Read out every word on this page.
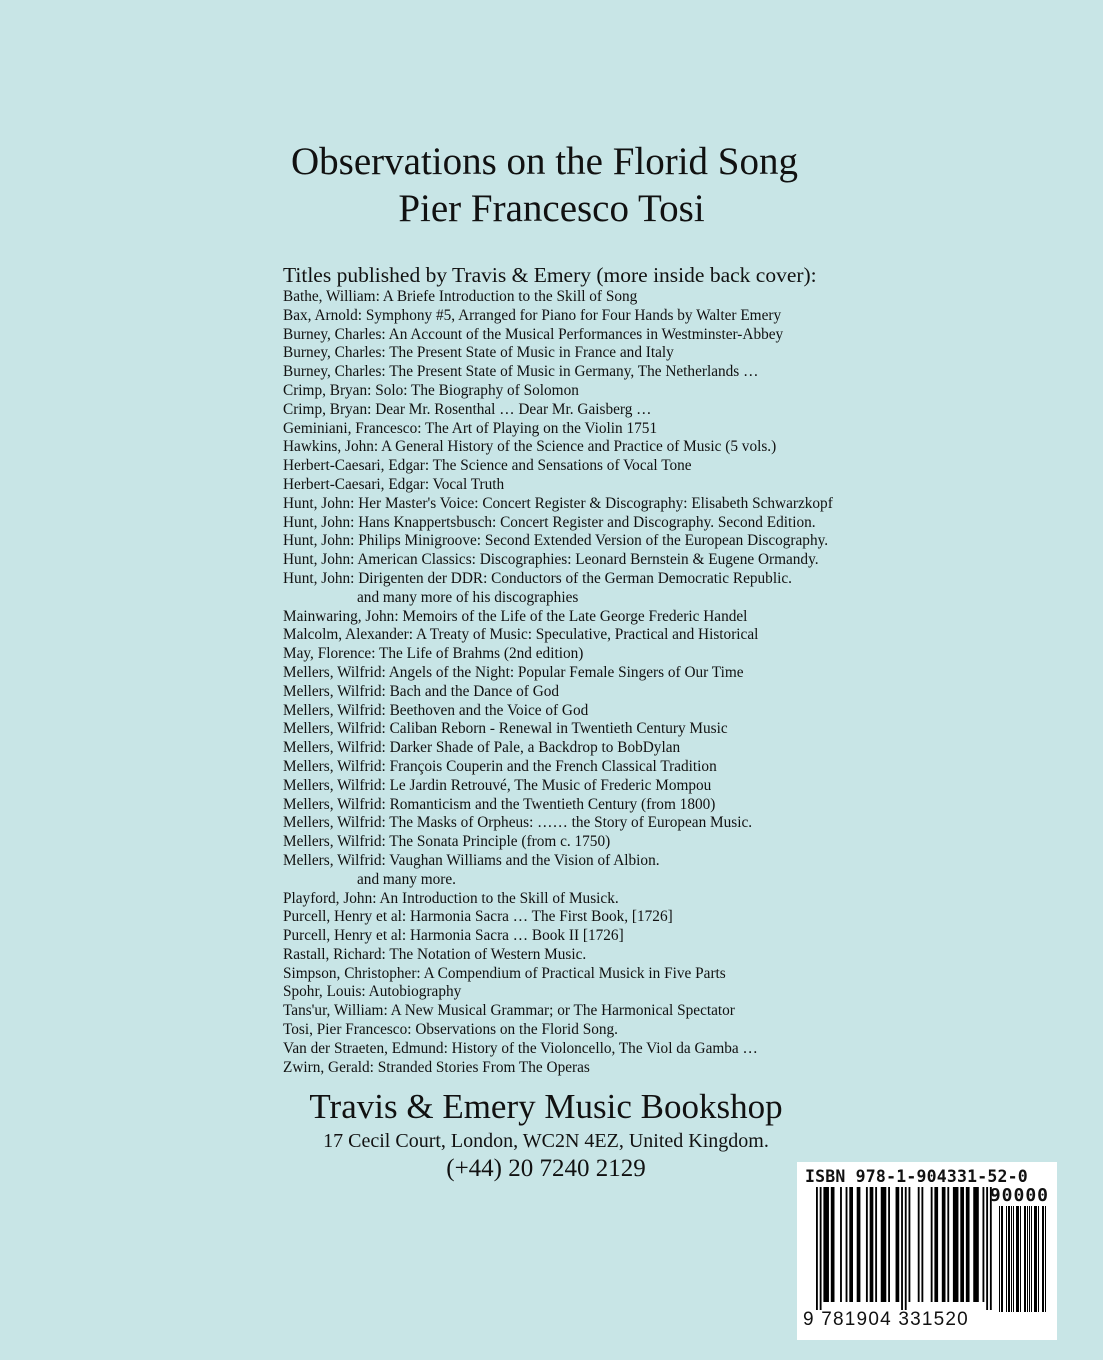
Observations on the Florid Song
Pier Francesco Tosi
Titles published by Travis & Emery (more inside back cover):
Bathe, William: A Briefe Introduction to the Skill of Song
Bax, Arnold: Symphony #5, Arranged for Piano for Four Hands by Walter Emery
Burney, Charles: An Account of the Musical Performances in Westminster-Abbey
Burney, Charles: The Present State of Music in France and Italy
Burney, Charles: The Present State of Music in Germany, The Netherlands …
Crimp, Bryan: Solo: The Biography of Solomon
Crimp, Bryan: Dear Mr. Rosenthal … Dear Mr. Gaisberg …
Geminiani, Francesco: The Art of Playing on the Violin 1751
Hawkins, John: A General History of the Science and Practice of Music (5 vols.)
Herbert-Caesari, Edgar: The Science and Sensations of Vocal Tone
Herbert-Caesari, Edgar: Vocal Truth
Hunt, John: Her Master's Voice: Concert Register & Discography: Elisabeth Schwarzkopf
Hunt, John: Hans Knappertsbusch: Concert Register and Discography. Second Edition.
Hunt, John: Philips Minigroove: Second Extended Version of the European Discography.
Hunt, John: American Classics: Discographies: Leonard Bernstein & Eugene Ormandy.
Hunt, John: Dirigenten der DDR: Conductors of the German Democratic Republic.
and many more of his discographies
Mainwaring, John: Memoirs of the Life of the Late George Frederic Handel
Malcolm, Alexander: A Treaty of Music: Speculative, Practical and Historical
May, Florence: The Life of Brahms (2nd edition)
Mellers, Wilfrid: Angels of the Night: Popular Female Singers of Our Time
Mellers, Wilfrid: Bach and the Dance of God
Mellers, Wilfrid: Beethoven and the Voice of God
Mellers, Wilfrid: Caliban Reborn - Renewal in Twentieth Century Music
Mellers, Wilfrid: Darker Shade of Pale, a Backdrop to BobDylan
Mellers, Wilfrid: François Couperin and the French Classical Tradition
Mellers, Wilfrid: Le Jardin Retrouvé, The Music of Frederic Mompou
Mellers, Wilfrid: Romanticism and the Twentieth Century (from 1800)
Mellers, Wilfrid: The Masks of Orpheus: …… the Story of European Music.
Mellers, Wilfrid: The Sonata Principle (from c. 1750)
Mellers, Wilfrid: Vaughan Williams and the Vision of Albion.
and many more.
Playford, John: An Introduction to the Skill of Musick.
Purcell, Henry et al: Harmonia Sacra … The First Book, [1726]
Purcell, Henry et al: Harmonia Sacra … Book II [1726]
Rastall, Richard: The Notation of Western Music.
Simpson, Christopher: A Compendium of Practical Musick in Five Parts
Spohr, Louis: Autobiography
Tans'ur, William: A New Musical Grammar; or The Harmonical Spectator
Tosi, Pier Francesco: Observations on the Florid Song.
Van der Straeten, Edmund: History of the Violoncello, The Viol da Gamba …
Zwirn, Gerald: Stranded Stories From The Operas
Travis & Emery Music Bookshop
17 Cecil Court, London, WC2N 4EZ, United Kingdom.
(+44) 20 7240 2129	ISBN 978-1-904331-52-0
90000
9 781904 331520
